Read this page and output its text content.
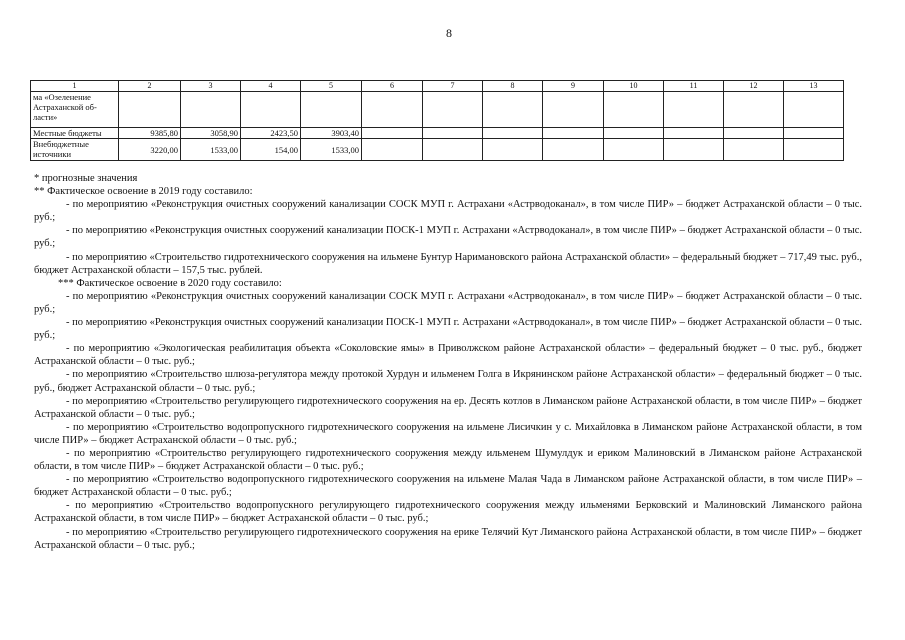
8
1	2	3	4	5	6	7	8	9	10	11	12	13
ма «Озеленение Астраханской об-ласти»												
Местные бюджеты	9385,80	3058,90	2423,50	3903,40								
Внебюджетные источники	3220,00	1533,00	154,00	1533,00								

* прогнозные значения

** Фактическое освоение в 2019 году составило:

- по мероприятию «Реконструкция очистных сооружений канализации СОСК МУП г. Астрахани «Астрводоканал», в том числе ПИР» – бюджет Астраханской области – 0 тыс. руб.;

- по мероприятию «Реконструкция очистных сооружений канализации ПОСК-1 МУП г. Астрахани «Астрводоканал», в том числе ПИР» – бюджет Астраханской области – 0 тыс. руб.;

- по мероприятию «Строительство гидротехнического сооружения на ильмене Бунтур Наримановского района Астраханской области» – федеральный бюджет – 717,49 тыс. руб., бюджет Астраханской области – 157,5 тыс. рублей.

*** Фактическое освоение в 2020 году составило:

- по мероприятию «Реконструкция очистных сооружений канализации СОСК МУП г. Астрахани «Астрводоканал», в том числе ПИР» – бюджет Астраханской области – 0 тыс. руб.;

- по мероприятию «Реконструкция очистных сооружений канализации ПОСК-1 МУП г. Астрахани «Астрводоканал», в том числе ПИР» – бюджет Астраханской области – 0 тыс. руб.;

- по мероприятию «Экологическая реабилитация объекта «Соколовские ямы» в Приволжском районе Астраханской области» – федеральный бюджет – 0 тыс. руб., бюджет Астраханской области – 0 тыс. руб.;

- по мероприятию «Строительство шлюза-регулятора между протокой Хурдун и ильменем Голга в Икрянинском районе Астраханской области» – федеральный бюджет – 0 тыс. руб., бюджет Астраханской области – 0 тыс. руб.;

- по мероприятию «Строительство регулирующего гидротехнического сооружения на ер. Десять котлов в Лиманском районе Астраханской области, в том числе ПИР» – бюджет Астраханской области – 0 тыс. руб.;

- по мероприятию «Строительство водопропускного гидротехнического сооружения на ильмене Лисичкин у с. Михайловка в Лиманском районе Астраханской области, в том числе ПИР» – бюджет Астраханской области – 0 тыс. руб.;

- по мероприятию «Строительство регулирующего гидротехнического сооружения между ильменем Шумулдук и ериком Малиновский в Лиманском районе Астраханской области, в том числе ПИР» – бюджет Астраханской области – 0 тыс. руб.;

- по мероприятию «Строительство водопропускного гидротехнического сооружения на ильмене Малая Чада в Лиманском районе Астраханской области, в том числе ПИР» – бюджет Астраханской области – 0 тыс. руб.;

- по мероприятию «Строительство водопропускного регулирующего гидротехнического сооружения между ильменями Берковский и Малиновский Лиманского района Астраханской области, в том числе ПИР» – бюджет Астраханской области – 0 тыс. руб.;

- по мероприятию «Строительство регулирующего гидротехнического сооружения на ерике Телячий Кут Лиманского района Астраханской области, в том числе ПИР» – бюджет Астраханской области – 0 тыс. руб.;
